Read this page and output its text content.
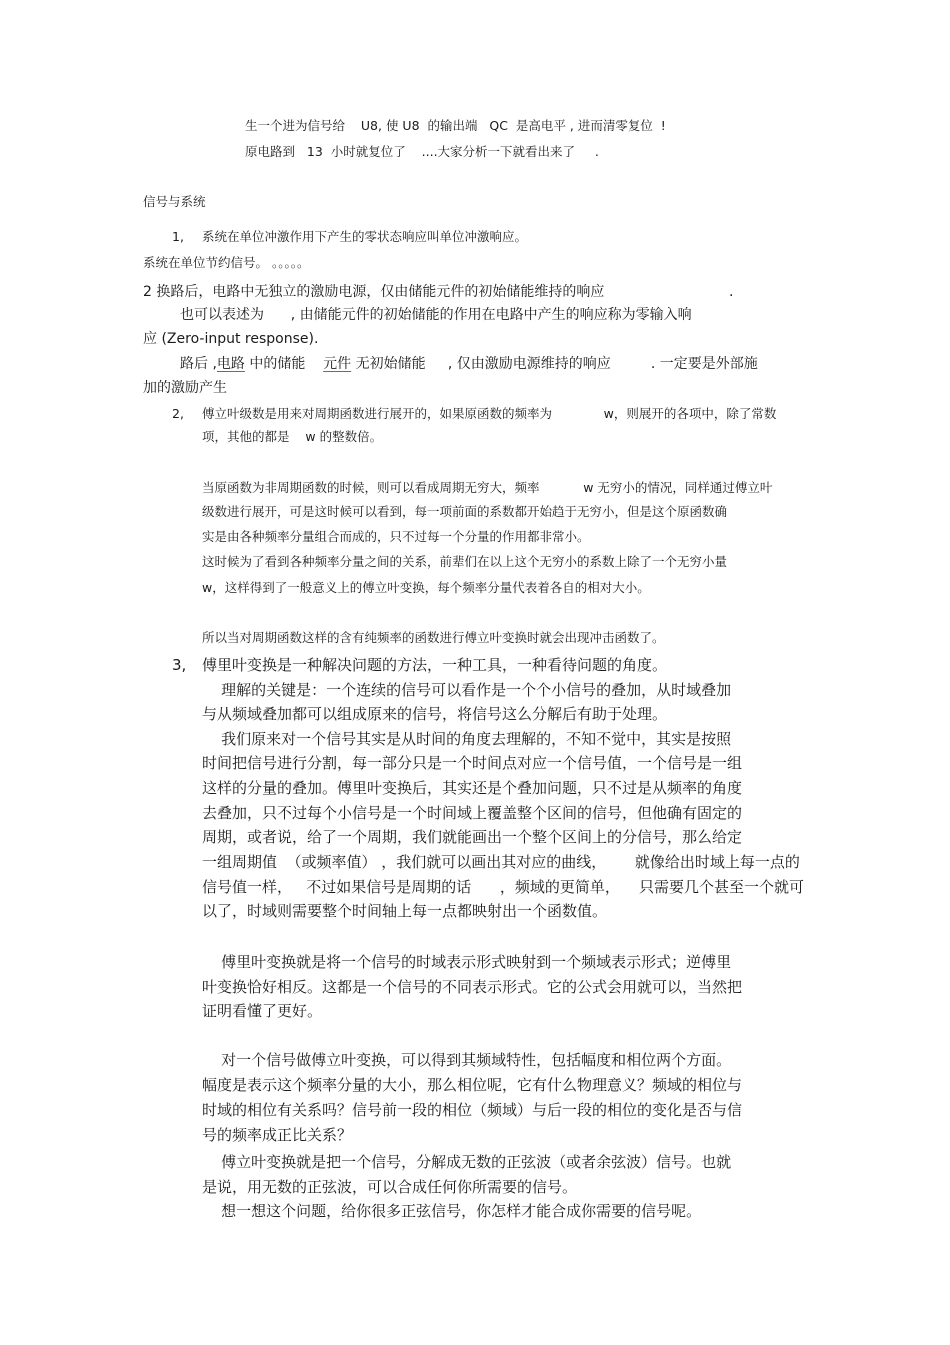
生一个进为信号给    U8, 使 U8  的输出端   QC  是高电平 , 进而清零复位  !
原电路到   13  小时就复位了    ....大家分析一下就看出来了     .
信号与系统
1, 系统在单位冲激作用下产生的零状态响应叫单位冲激响应。
系统在单位节约信号。 。。。。。
2 换路后，电路中无独立的激励电源，仅由储能元件的初始储能维持的响应                            .
也可以表述为      , 由储能元件的初始储能的作用在电路中产生的响应称为零输入响
应 (Zero-input response).
路后 ,电路 中的储能    元件 无初始储能     , 仅由激励电源维持的响应         . 一定要是外部施
加的激励产生
2, 傅立叶级数是用来对周期函数进行展开的，如果原函数的频率为             w，则展开的各项中，除了常数
项，其他的都是    w 的整数倍。
当原函数为非周期函数的时候，则可以看成周期无穷大，频率           w 无穷小的情况，同样通过傅立叶
级数进行展开，可是这时候可以看到，每一项前面的系数都开始趋于无穷小，但是这个原函数确
实是由各种频率分量组合而成的，只不过每一个分量的作用都非常小。
这时候为了看到各种频率分量之间的关系，前辈们在以上这个无穷小的系数上除了一个无穷小量
w，这样得到了一般意义上的傅立叶变换，每个频率分量代表着各自的相对大小。
所以当对周期函数这样的含有纯频率的函数进行傅立叶变换时就会出现冲击函数了。
3, 傅里叶变换是一种解决问题的方法，一种工具，一种看待问题的角度。
理解的关键是：一个连续的信号可以看作是一个个小信号的叠加，从时域叠加
与从频域叠加都可以组成原来的信号，将信号这么分解后有助于处理。
我们原来对一个信号其实是从时间的角度去理解的，不知不觉中，其实是按照
时间把信号进行分割，每一部分只是一个时间点对应一个信号值，一个信号是一组
这样的分量的叠加。傅里叶变换后，其实还是个叠加问题，只不过是从频率的角度
去叠加，只不过每个小信号是一个时间域上覆盖整个区间的信号，但他确有固定的
周期，或者说，给了一个周期，我们就能画出一个整个区间上的分信号，那么给定
一组周期值  （或频率值） ，我们就可以画出其对应的曲线，      就像给出时域上每一点的
信号值一样，   不过如果信号是周期的话      ，频域的更简单，    只需要几个甚至一个就可
以了，时域则需要整个时间轴上每一点都映射出一个函数值。
傅里叶变换就是将一个信号的时域表示形式映射到一个频域表示形式；逆傅里
叶变换恰好相反。这都是一个信号的不同表示形式。它的公式会用就可以，当然把
证明看懂了更好。
对一个信号做傅立叶变换，可以得到其频域特性，包括幅度和相位两个方面。
幅度是表示这个频率分量的大小，那么相位呢，它有什么物理意义？频域的相位与
时域的相位有关系吗？信号前一段的相位（频域）与后一段的相位的变化是否与信
号的频率成正比关系？
傅立叶变换就是把一个信号，分解成无数的正弦波（或者余弦波）信号。也就
是说，用无数的正弦波，可以合成任何你所需要的信号。
想一想这个问题，给你很多正弦信号，你怎样才能合成你需要的信号呢。
